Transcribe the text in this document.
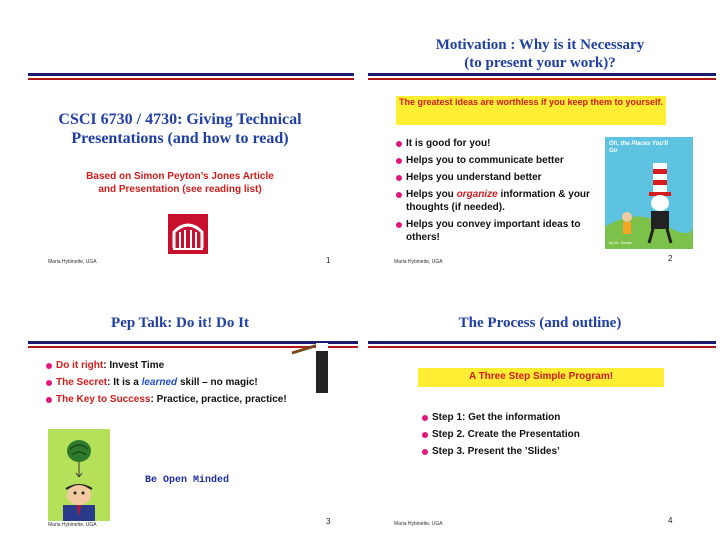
CSCI 6730 / 4730: Giving Technical
Presentations (and how to read)
Based on Simon Peyton’s Jones Article
and Presentation (see reading list)
Maria Hybinette, UGA	1
Motivation : Why is it Necessary
(to present your work)?
The greatest ideas are worthless if you keep them to yourself.
It is good for you!
Helps you to communicate better
Helps you understand better
Helps you organize information & your thoughts (if needed).
Helps you convey important ideas to others!
Oh, the Places You'll Go
by Dr. Seuss
Maria Hybinette, UGA	2
Pep Talk: Do it! Do It
Do it right: Invest Time
The Secret: It is a learned skill – no magic!
The Key to Success: Practice, practice, practice!
Be Open Minded
Maria Hybinette, UGA	3
The Process (and outline)
A Three Step Simple Program!
Step 1: Get the information
Step 2. Create the Presentation
Step 3. Present the ’Slides’
Maria Hybinette, UGA	4
